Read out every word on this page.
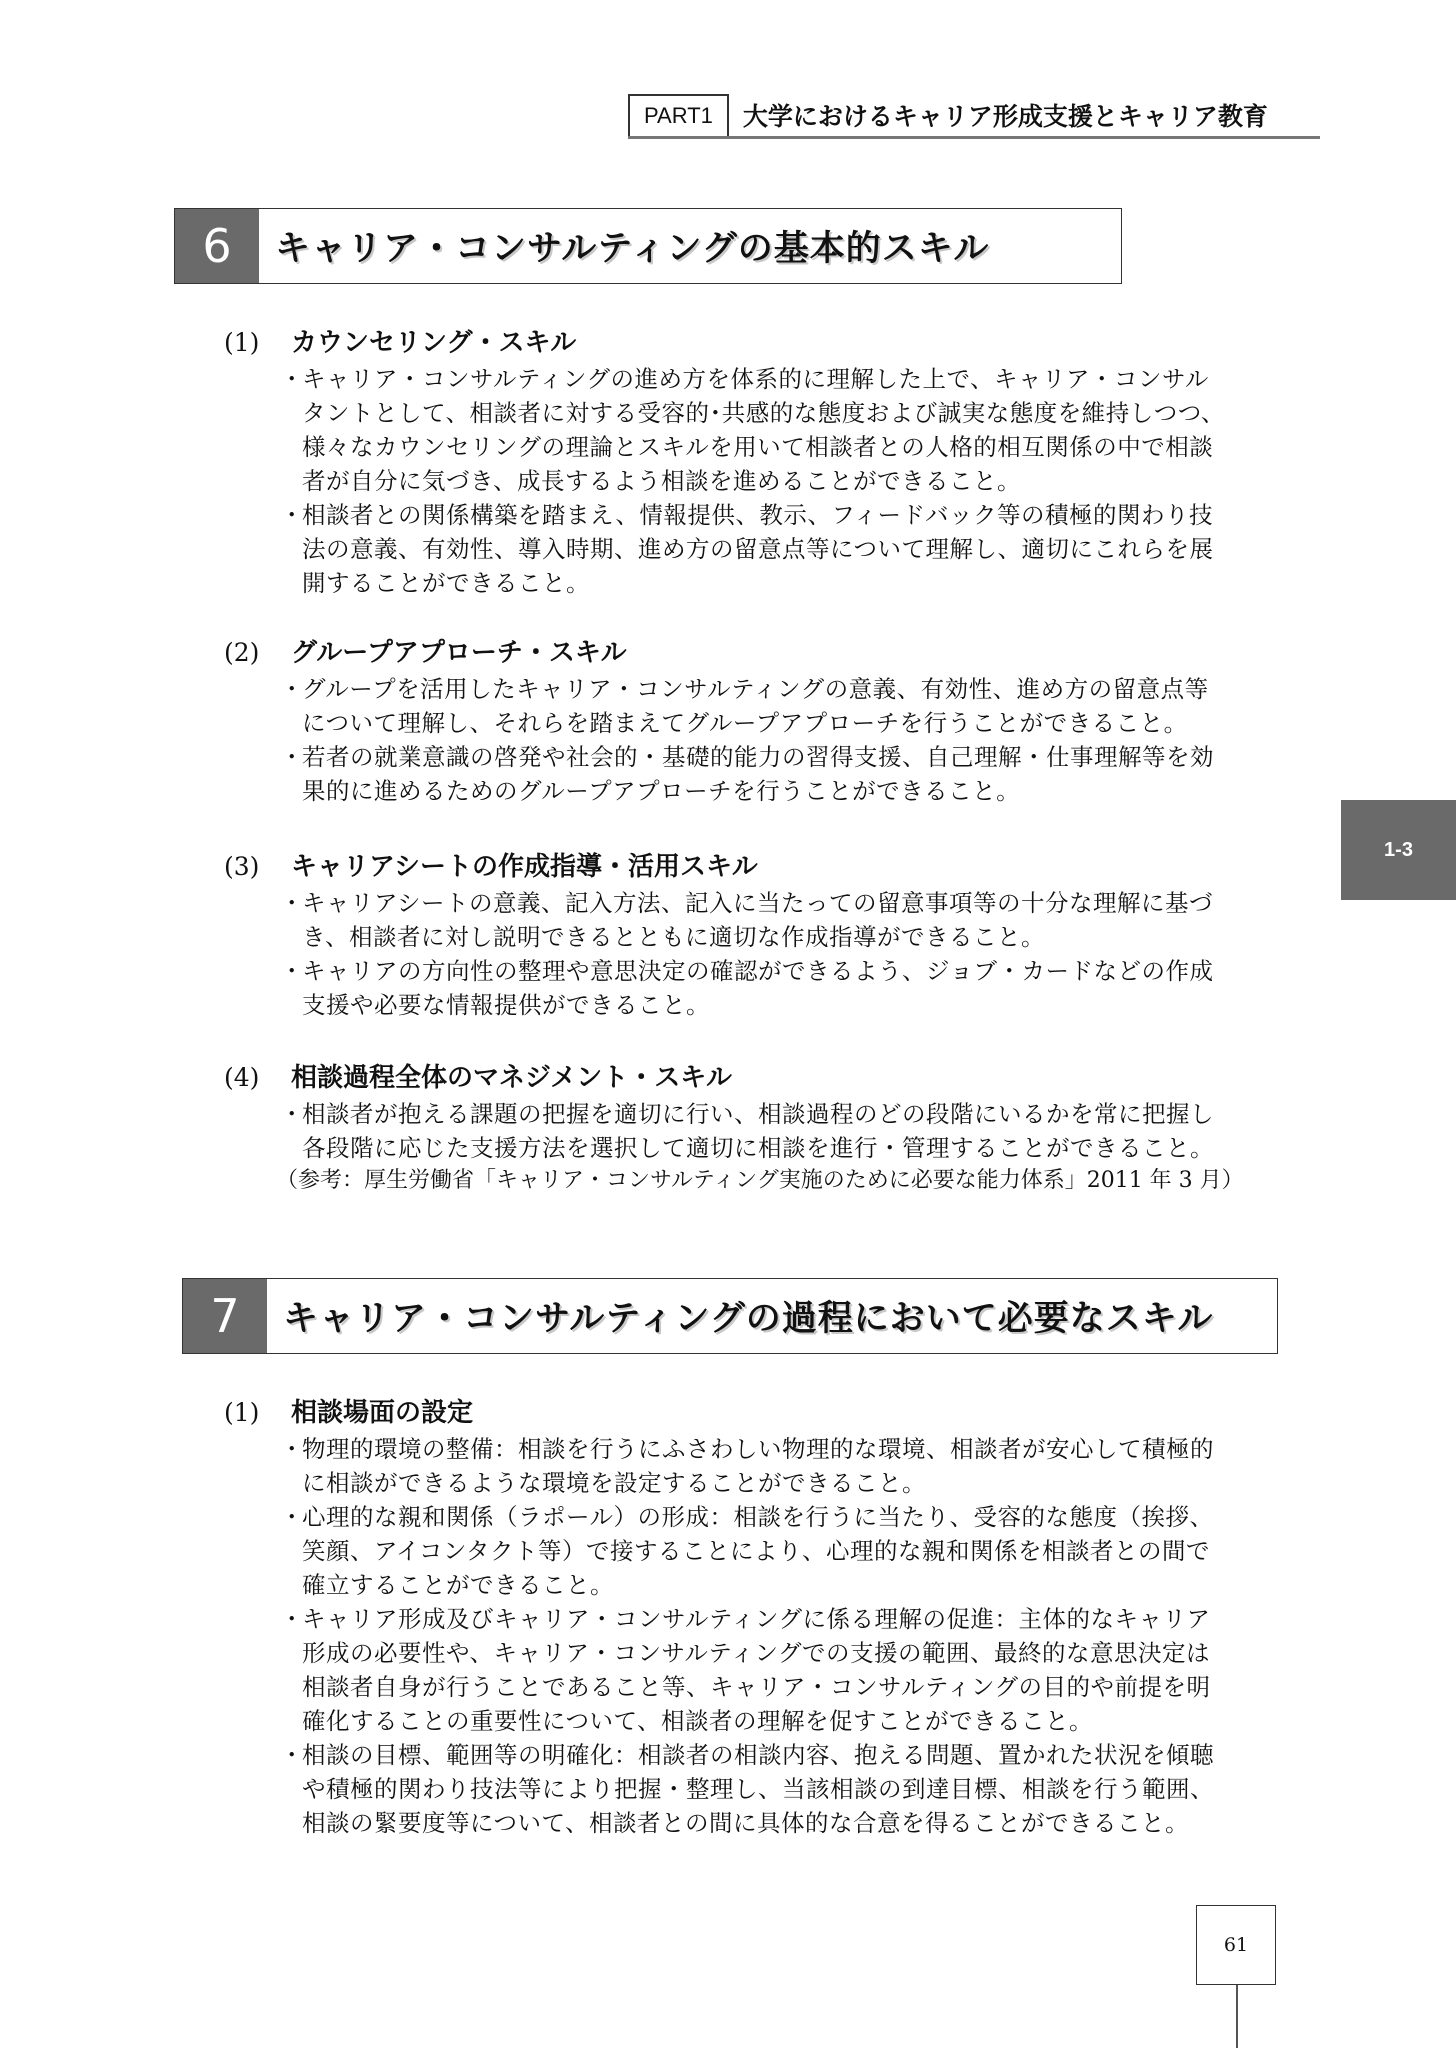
PART1	大学におけるキャリア形成支援とキャリア教育
6	キャリア・コンサルティングの基本的スキル
(1)	カウンセリング・スキル
・
キャリア・コンサルティングの進め方を体系的に理解した上で、キャリア・コンサル
タントとして、相談者に対する受容的･共感的な態度および誠実な態度を維持しつつ、
様々なカウンセリングの理論とスキルを用いて相談者との人格的相互関係の中で相談
者が自分に気づき、成長するよう相談を進めることができること。
・
相談者との関係構築を踏まえ、情報提供、教示、フィードバック等の積極的関わり技
法の意義、有効性、導入時期、進め方の留意点等について理解し、適切にこれらを展
開することができること。
(2)	グループアプローチ・スキル
・
グループを活用したキャリア・コンサルティングの意義、有効性、進め方の留意点等
について理解し、それらを踏まえてグループアプローチを行うことができること。
・
若者の就業意識の啓発や社会的・基礎的能力の習得支援、自己理解・仕事理解等を効
果的に進めるためのグループアプローチを行うことができること。
(3)	キャリアシートの作成指導・活用スキル
・
キャリアシートの意義、記入方法、記入に当たっての留意事項等の十分な理解に基づ
き、相談者に対し説明できるとともに適切な作成指導ができること。
・
キャリアの方向性の整理や意思決定の確認ができるよう、ジョブ・カードなどの作成
支援や必要な情報提供ができること。
(4)	相談過程全体のマネジメント・スキル
・
相談者が抱える課題の把握を適切に行い、相談過程のどの段階にいるかを常に把握し
各段階に応じた支援方法を選択して適切に相談を進行・管理することができること。
（参考：厚生労働省「キャリア・コンサルティング実施のために必要な能力体系」2011 年 3 月）
7	キャリア・コンサルティングの過程において必要なスキル
(1)	相談場面の設定
・
物理的環境の整備：相談を行うにふさわしい物理的な環境、相談者が安心して積極的
に相談ができるような環境を設定することができること。
・
心理的な親和関係（ラポール）の形成：相談を行うに当たり、受容的な態度（挨拶、
笑顔、アイコンタクト等）で接することにより、心理的な親和関係を相談者との間で
確立することができること。
・
キャリア形成及びキャリア・コンサルティングに係る理解の促進：主体的なキャリア
形成の必要性や、キャリア・コンサルティングでの支援の範囲、最終的な意思決定は
相談者自身が行うことであること等、キャリア・コンサルティングの目的や前提を明
確化することの重要性について、相談者の理解を促すことができること。
・
相談の目標、範囲等の明確化：相談者の相談内容、抱える問題、置かれた状況を傾聴
や積極的関わり技法等により把握・整理し、当該相談の到達目標、相談を行う範囲、
相談の緊要度等について、相談者との間に具体的な合意を得ることができること。
1-3
61
